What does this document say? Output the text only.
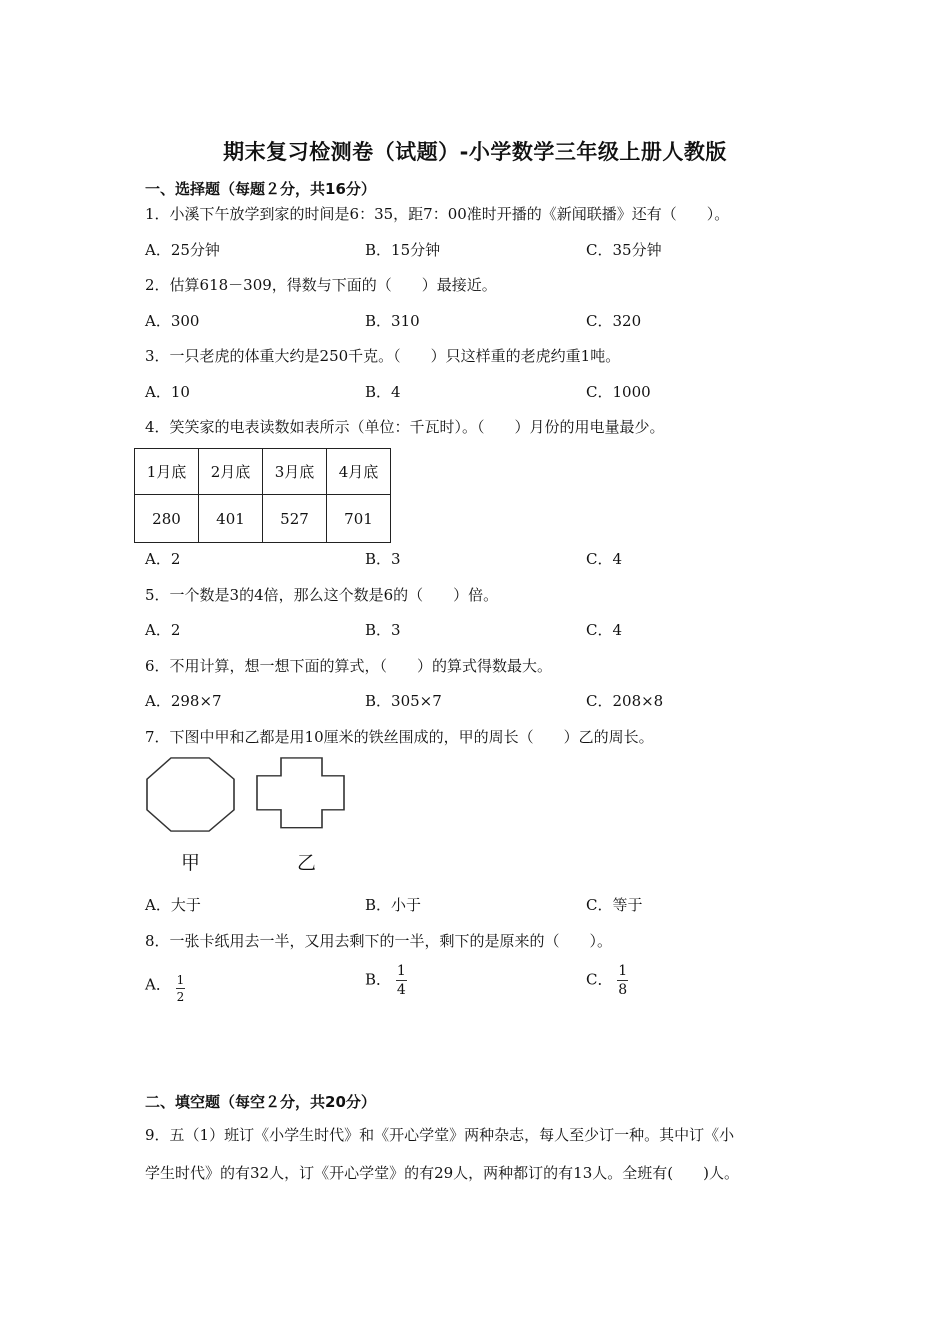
期末复习检测卷（试题）-小学数学三年级上册人教版
一、选择题（每题２分，共16分）
1．小溪下午放学到家的时间是6：35，距7：00准时开播的《新闻联播》还有（　　）。
A．25分钟	B．15分钟	C．35分钟
2．估算618－309，得数与下面的（　　）最接近。
A．300	B．310	C．320
3．一只老虎的体重大约是250千克。（　　）只这样重的老虎约重1吨。
A．10	B．4	C．1000
4．笑笑家的电表读数如表所示（单位：千瓦时）。（　　）月份的用电量最少。
1月底	2月底	3月底	4月底
280	401	527	701
A．2	B．3	C．4
5．一个数是3的4倍，那么这个数是6的（　　）倍。
A．2	B．3	C．4
6．不用计算，想一想下面的算式，（　　）的算式得数最大。
A．298×7	B．305×7	C．208×8
7．下图中甲和乙都是用10厘米的铁丝围成的，甲的周长（　　）乙的周长。
甲	乙
A．大于	B．小于	C．等于
8．一张卡纸用去一半，又用去剩下的一半，剩下的是原来的（　　）。
A． $\frac{1}{2}$	B． $\frac{1}{4}$	C． $\frac{1}{8}$
二、填空题（每空２分，共20分）
9．五（1）班订《小学生时代》和《开心学堂》两种杂志，每人至少订一种。其中订《小
学生时代》的有32人，订《开心学堂》的有29人，两种都订的有13人。全班有(　　)人。
